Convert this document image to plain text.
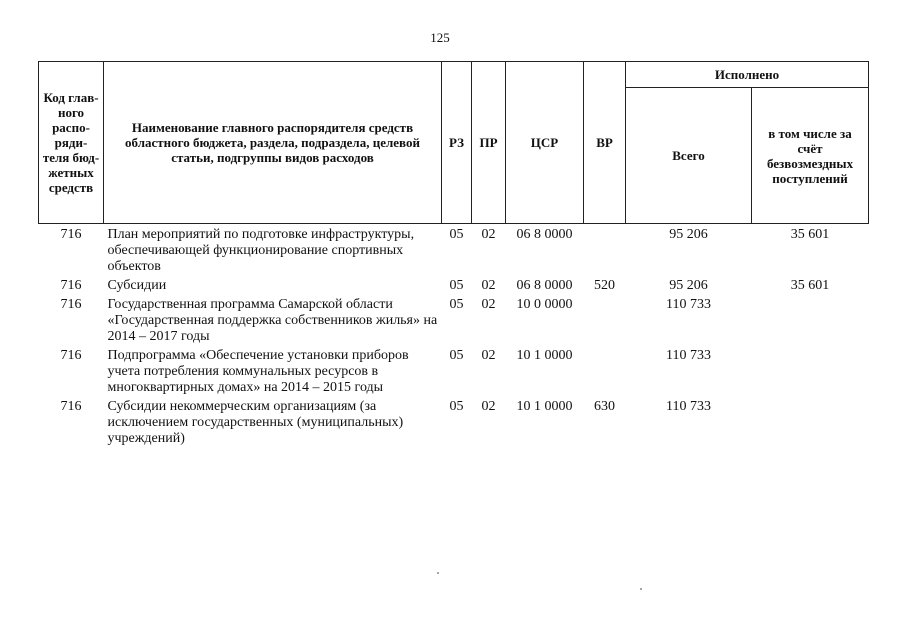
125
Код глав- ного распо- ряди- теля бюд- жетных средств	Наименование главного распорядителя средств областного бюджета, раздела, подраздела, целевой статьи, подгруппы видов расходов	РЗ	ПР	ЦСР	ВР	Исполнено	
						Всего	в том числе за счёт безвозмездных поступлений
716	План мероприятий по подготовке инфраструктуры, обеспечивающей функционирование спортивных объектов	05	02	06 8 0000		95 206	35 601
716	Субсидии	05	02	06 8 0000	520	95 206	35 601
716	Государственная программа Самарской области «Государственная поддержка собственников жилья» на 2014 – 2017 годы	05	02	10 0 0000		110 733	
716	Подпрограмма «Обеспечение установки приборов учета потребления коммунальных ресурсов в многоквартирных домах» на 2014 – 2015 годы	05	02	10 1 0000		110 733	
716	Субсидии некоммерческим организациям (за исключением государственных (муниципальных) учреждений)	05	02	10 1 0000	630	110 733	
